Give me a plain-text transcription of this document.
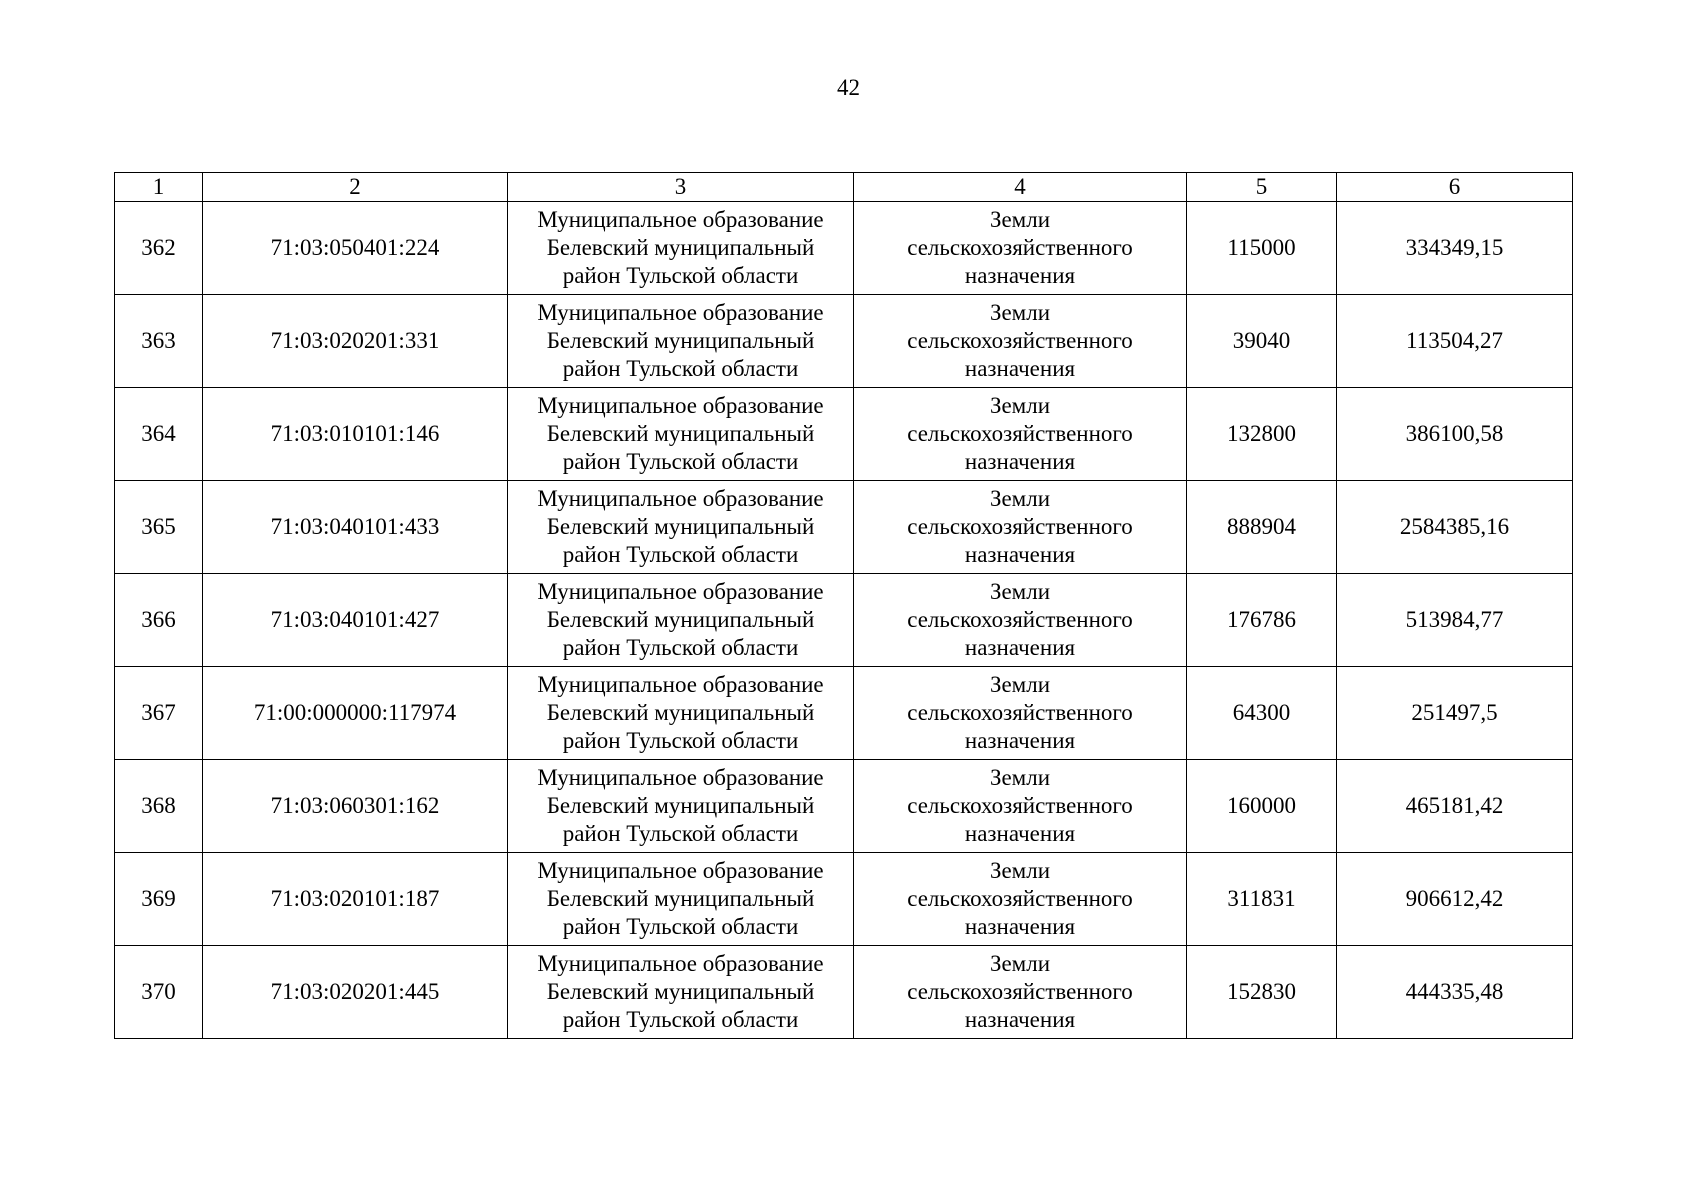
42
1	2	3	4	5	6
362	71:03:050401:224	Муниципальное образование
Белевский муниципальный
район Тульской области	Земли
сельскохозяйственного
назначения	115000	334349,15
363	71:03:020201:331	Муниципальное образование
Белевский муниципальный
район Тульской области	Земли
сельскохозяйственного
назначения	39040	113504,27
364	71:03:010101:146	Муниципальное образование
Белевский муниципальный
район Тульской области	Земли
сельскохозяйственного
назначения	132800	386100,58
365	71:03:040101:433	Муниципальное образование
Белевский муниципальный
район Тульской области	Земли
сельскохозяйственного
назначения	888904	2584385,16
366	71:03:040101:427	Муниципальное образование
Белевский муниципальный
район Тульской области	Земли
сельскохозяйственного
назначения	176786	513984,77
367	71:00:000000:117974	Муниципальное образование
Белевский муниципальный
район Тульской области	Земли
сельскохозяйственного
назначения	64300	251497,5
368	71:03:060301:162	Муниципальное образование
Белевский муниципальный
район Тульской области	Земли
сельскохозяйственного
назначения	160000	465181,42
369	71:03:020101:187	Муниципальное образование
Белевский муниципальный
район Тульской области	Земли
сельскохозяйственного
назначения	311831	906612,42
370	71:03:020201:445	Муниципальное образование
Белевский муниципальный
район Тульской области	Земли
сельскохозяйственного
назначения	152830	444335,48
